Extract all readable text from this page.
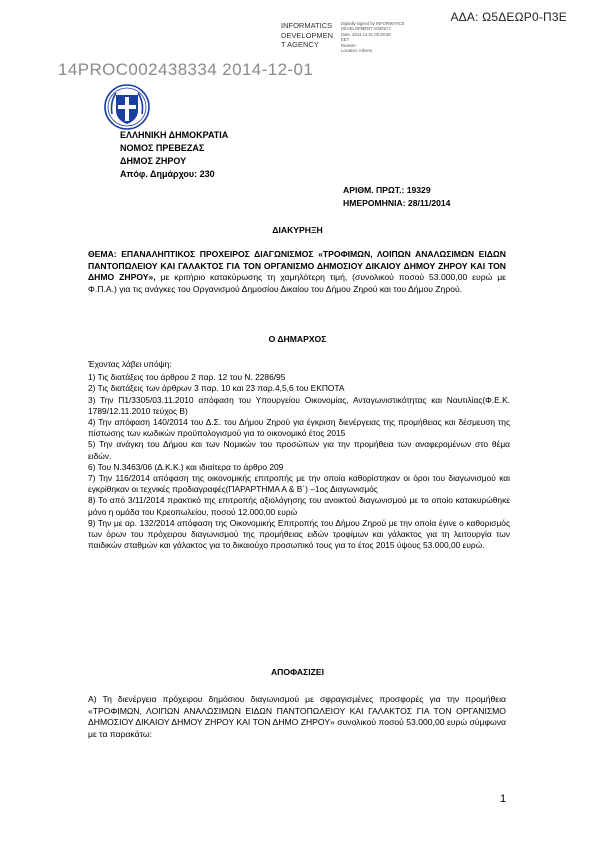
ΑΔΑ: Ω5ΔΕΩΡ0-Π3Ε
INFORMATICS
DEVELOPMEN
T AGENCY
Digitally signed by INFORMATICS
DEVELOPMENT AGENCY
Date: 2014.12.01 09:29:36
EET
Reason:
Location: Athens
14PROC002438334 2014-12-01
ΕΛΛΗΝΙΚΗ ΔΗΜΟΚΡΑΤΙΑ
ΝΟΜΟΣ ΠΡΕΒΕΖΑΣ
ΔΗΜΟΣ ΖΗΡΟΥ
Απόφ. Δημάρχου: 230
ΑΡΙΘΜ. ΠΡΩΤ.: 19329
ΗΜΕΡΟΜΗΝΙΑ: 28/11/2014
ΔΙΑΚΥΡΗΞΗ
ΘΕΜΑ: ΕΠΑΝΑΛΗΠΤΙΚΟΣ ΠΡΟΧΕΙΡΟΣ ΔΙΑΓΩΝΙΣΜΟΣ «ΤΡΟΦΙΜΩΝ, ΛΟΙΠΩΝ ΑΝΑΛΩΣΙΜΩΝ ΕΙΔΩΝ ΠΑΝΤΟΠΩΛΕΙΟΥ ΚΑΙ ΓΑΛΑΚΤΟΣ ΓΙΑ ΤΟΝ ΟΡΓΑΝΙΣΜΟ ΔΗΜΟΣΙΟΥ ΔΙΚΑΙΟΥ ΔΗΜΟΥ ΖΗΡΟΥ ΚΑΙ ΤΟΝ ΔΗΜΟ ΖΗΡΟΥ», με κριτήριο κατακύρωσης τη χαμηλότερη τιμή, (συνολικού ποσού 53.000,00 ευρώ με Φ.Π.Α.) για τις ανάγκες του Οργανισμού Δημοσίου Δικαίου του Δήμου Ζηρού και του Δήμου Ζηρού.
Ο ΔΗΜΑΡΧΟΣ
Έχοντας λάβει υπόψη:
1) Τις διατάξεις του άρθρου 2 παρ. 12 του Ν. 2286/95
2) Τις διατάξεις των άρθρων 3 παρ. 10 και 23 παρ.4,5,6 του ΕΚΠΟΤΑ
3) Την Π1/3305/03.11.2010 απόφαση του Υπουργείου Οικονομίας, Ανταγωνιστικότητας και Ναυτιλίας(Φ.Ε.Κ. 1789/12.11.2010 τεύχος Β)
4) Την απόφαση 140/2014 του Δ.Σ. του Δήμου Ζηρού για έγκριση διενέργειας της προμήθειας και δέσμευση της πίστωσης των κωδικών προϋπολογισμού για το οικονομικό έτος 2015
5) Την ανάγκη του Δήμου και των Νομικών του προσώπων για την προμήθεια των αναφερομένων στο θέμα ειδών.
6) Του Ν.3463/06 (Δ.Κ.Κ.) και ιδιαίτερα το άρθρο 209
7) Την 116/2014 απόφαση της οικονομικής επιτροπής με την οποία καθορίστηκαν οι όροι του διαγωνισμού και εγκρίθηκαν οι τεχνικές προδιαγραφές(ΠΑΡΑΡΤΗΜΑ Α & Β΄) –1ος Διαγωνισμός
8) Το από 3/11/2014 πρακτικό της επιτροπής αξιολόγησης του ανοικτού διαγωνισμού με το οποίο κατακυρώθηκε μόνο η ομάδα του Κρεοπωλείου, ποσού 12.000,00 ευρώ
9) Την με αρ. 132/2014 απόφαση της Οικονομικής Επιτροπής του Δήμου Ζηρού με την οποία έγινε ο καθορισμός των όρων του πρόχειρου διαγωνισμού της προμήθειας ειδών τροφίμων και γάλακτος για τη λειτουργία των παιδικών σταθμών και γάλακτος για το δικαιούχο προσωπικό τους για το έτος 2015 ύψους 53.000,00 ευρώ.
ΑΠΟΦΑΣΙΖΕΙ
Α) Τη διενέργεια πρόχειρου δημόσιου διαγωνισμού με σφραγισμένες προσφορές για την προμήθεια «ΤΡΟΦΙΜΩΝ, ΛΟΙΠΩΝ ΑΝΑΛΩΣΙΜΩΝ ΕΙΔΩΝ ΠΑΝΤΟΠΩΛΕΙΟΥ ΚΑΙ ΓΑΛΑΚΤΟΣ ΓΙΑ ΤΟΝ ΟΡΓΑΝΙΣΜΟ ΔΗΜΟΣΙΟΥ ΔΙΚΑΙΟΥ ΔΗΜΟΥ ΖΗΡΟΥ ΚΑΙ ΤΟΝ ΔΗΜΟ ΖΗΡΟΥ» συνολικού ποσού 53.000,00 ευρώ σύμφωνα με τα παρακάτω:
1
